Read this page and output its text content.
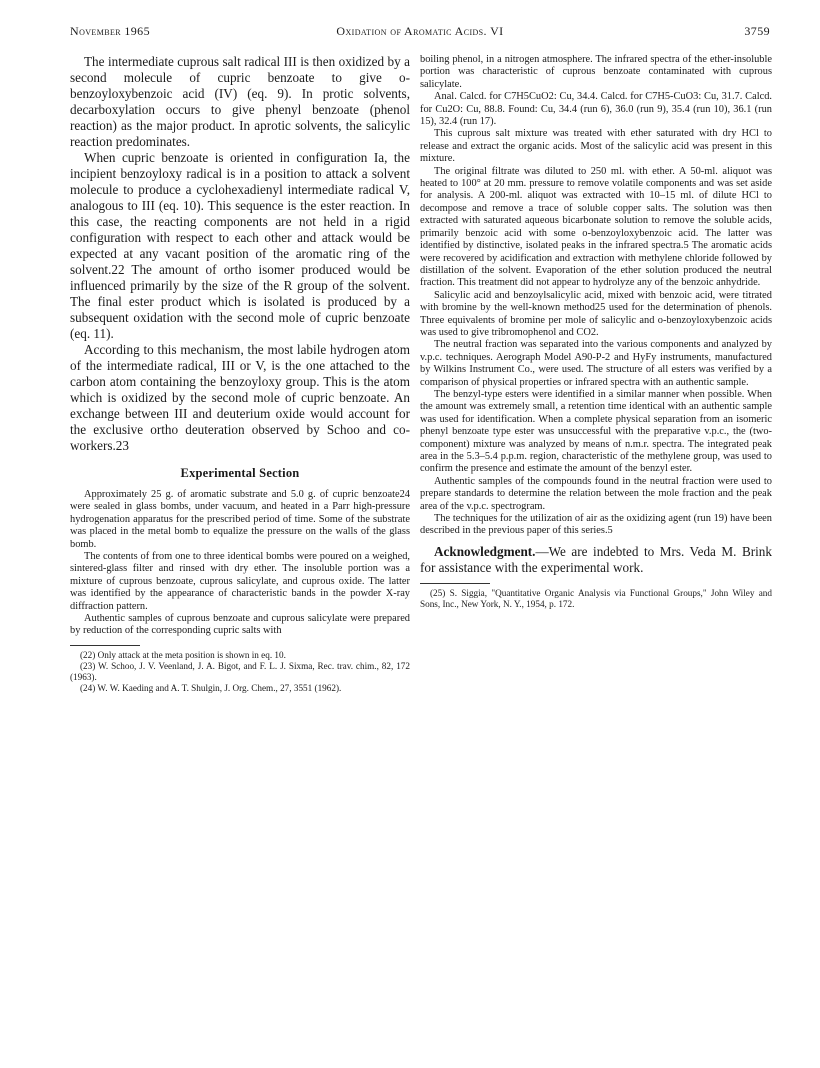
November 1965	Oxidation of Aromatic Acids. VI	3759

The intermediate cuprous salt radical III is then oxidized by a second molecule of cupric benzoate to give o-benzoyloxybenzoic acid (IV) (eq. 9). In protic solvents, decarboxylation occurs to give phenyl benzoate (phenol reaction) as the major product. In aprotic solvents, the salicylic reaction predominates.

When cupric benzoate is oriented in configuration Ia, the incipient benzoyloxy radical is in a position to attack a solvent molecule to produce a cyclohexadienyl intermediate radical V, analogous to III (eq. 10). This sequence is the ester reaction. In this case, the reacting components are not held in a rigid configuration with respect to each other and attack would be expected at any vacant position of the aromatic ring of the solvent.22 The amount of ortho isomer produced would be influenced primarily by the size of the R group of the solvent. The final ester product which is isolated is produced by a subsequent oxidation with the second mole of cupric benzoate (eq. 11).

According to this mechanism, the most labile hydrogen atom of the intermediate radical, III or V, is the one attached to the carbon atom containing the benzoyloxy group. This is the atom which is oxidized by the second mole of cupric benzoate. An exchange between III and deuterium oxide would account for the exclusive ortho deuteration observed by Schoo and co-workers.23

Experimental Section

Approximately 25 g. of aromatic substrate and 5.0 g. of cupric benzoate24 were sealed in glass bombs, under vacuum, and heated in a Parr high-pressure hydrogenation apparatus for the prescribed period of time. Some of the substrate was placed in the metal bomb to equalize the pressure on the walls of the glass bomb.

The contents of from one to three identical bombs were poured on a weighed, sintered-glass filter and rinsed with dry ether. The insoluble portion was a mixture of cuprous benzoate, cuprous salicylate, and cuprous oxide. The latter was identified by the appearance of characteristic bands in the powder X-ray diffraction pattern.

Authentic samples of cuprous benzoate and cuprous salicylate were prepared by reduction of the corresponding cupric salts with

(22) Only attack at the meta position is shown in eq. 10.

(23) W. Schoo, J. V. Veenland, J. A. Bigot, and F. L. J. Sixma, Rec. trav. chim., 82, 172 (1963).

(24) W. W. Kaeding and A. T. Shulgin, J. Org. Chem., 27, 3551 (1962).

boiling phenol, in a nitrogen atmosphere. The infrared spectra of the ether-insoluble portion was characteristic of cuprous benzoate contaminated with cuprous salicylate.

Anal. Calcd. for C7H5CuO2: Cu, 34.4. Calcd. for C7H5-CuO3: Cu, 31.7. Calcd. for Cu2O: Cu, 88.8. Found: Cu, 34.4 (run 6), 36.0 (run 9), 35.4 (run 10), 36.1 (run 15), 32.4 (run 17).

This cuprous salt mixture was treated with ether saturated with dry HCl to release and extract the organic acids. Most of the salicylic acid was present in this mixture.

The original filtrate was diluted to 250 ml. with ether. A 50-ml. aliquot was heated to 100° at 20 mm. pressure to remove volatile components and was set aside for analysis. A 200-ml. aliquot was extracted with 10–15 ml. of dilute HCl to decompose and remove a trace of soluble copper salts. The solution was then extracted with saturated aqueous bicarbonate solution to remove the soluble acids, primarily benzoic acid with some o-benzoyloxybenzoic acid. The latter was identified by distinctive, isolated peaks in the infrared spectra.5 The aromatic acids were recovered by acidification and extraction with methylene chloride followed by distillation of the solvent. Evaporation of the ether solution produced the neutral fraction. This treatment did not appear to hydrolyze any of the benzoic anhydride.

Salicylic acid and benzoylsalicylic acid, mixed with benzoic acid, were titrated with bromine by the well-known method25 used for the determination of phenols. Three equivalents of bromine per mole of salicylic and o-benzoyloxybenzoic acids was used to give tribromophenol and CO2.

The neutral fraction was separated into the various components and analyzed by v.p.c. techniques. Aerograph Model A90-P-2 and HyFy instruments, manufactured by Wilkins Instrument Co., were used. The structure of all esters was verified by a comparison of physical properties or infrared spectra with an authentic sample.

The benzyl-type esters were identified in a similar manner when possible. When the amount was extremely small, a retention time identical with an authentic sample was used for identification. When a complete physical separation from an isomeric phenyl benzoate type ester was unsuccessful with the preparative v.p.c., the (two-component) mixture was analyzed by means of n.m.r. spectra. The integrated peak area in the 5.3–5.4 p.p.m. region, characteristic of the methylene group, was used to confirm the presence and estimate the amount of the benzyl ester.

Authentic samples of the compounds found in the neutral fraction were used to prepare standards to determine the relation between the mole fraction and the peak area of the v.p.c. spectrogram.

The techniques for the utilization of air as the oxidizing agent (run 19) have been described in the previous paper of this series.5

Acknowledgment.—We are indebted to Mrs. Veda M. Brink for assistance with the experimental work.

(25) S. Siggia, "Quantitative Organic Analysis via Functional Groups," John Wiley and Sons, Inc., New York, N. Y., 1954, p. 172.
